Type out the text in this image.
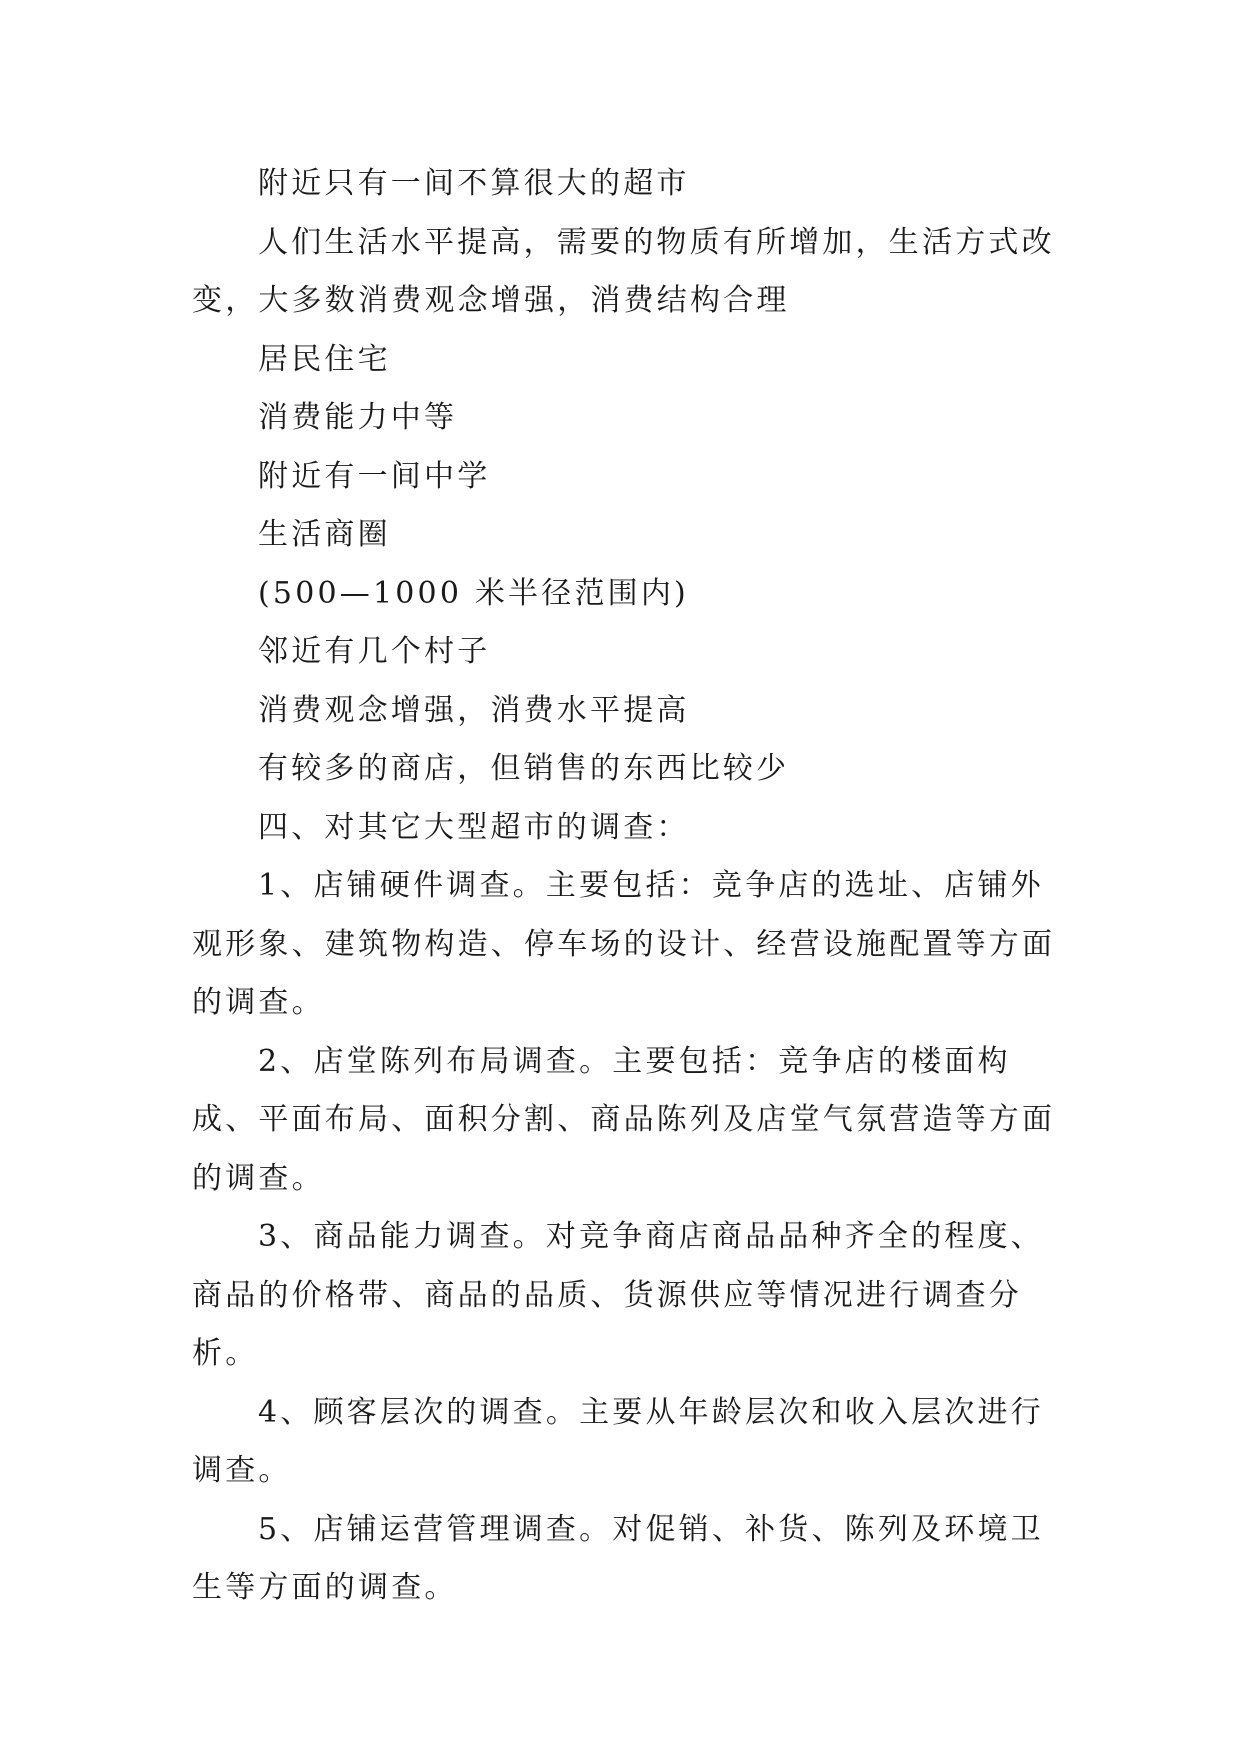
附近只有一间不算很大的超市

人们生活水平提高，需要的物质有所增加，生活方式改变，大多数消费观念增强，消费结构合理

居民住宅

消费能力中等

附近有一间中学

生活商圈

(500—1000 米半径范围内)

邻近有几个村子

消费观念增强，消费水平提高

有较多的商店，但销售的东西比较少

四、对其它大型超市的调查：

1、店铺硬件调查。主要包括：竞争店的选址、店铺外观形象、建筑物构造、停车场的设计、经营设施配置等方面的调查。

2、店堂陈列布局调查。主要包括：竞争店的楼面构成、平面布局、面积分割、商品陈列及店堂气氛营造等方面的调查。

3、商品能力调查。对竞争商店商品品种齐全的程度、商品的价格带、商品的品质、货源供应等情况进行调查分析。

4、顾客层次的调查。主要从年龄层次和收入层次进行调查。

5、店铺运营管理调查。对促销、补货、陈列及环境卫生等方面的调查。
